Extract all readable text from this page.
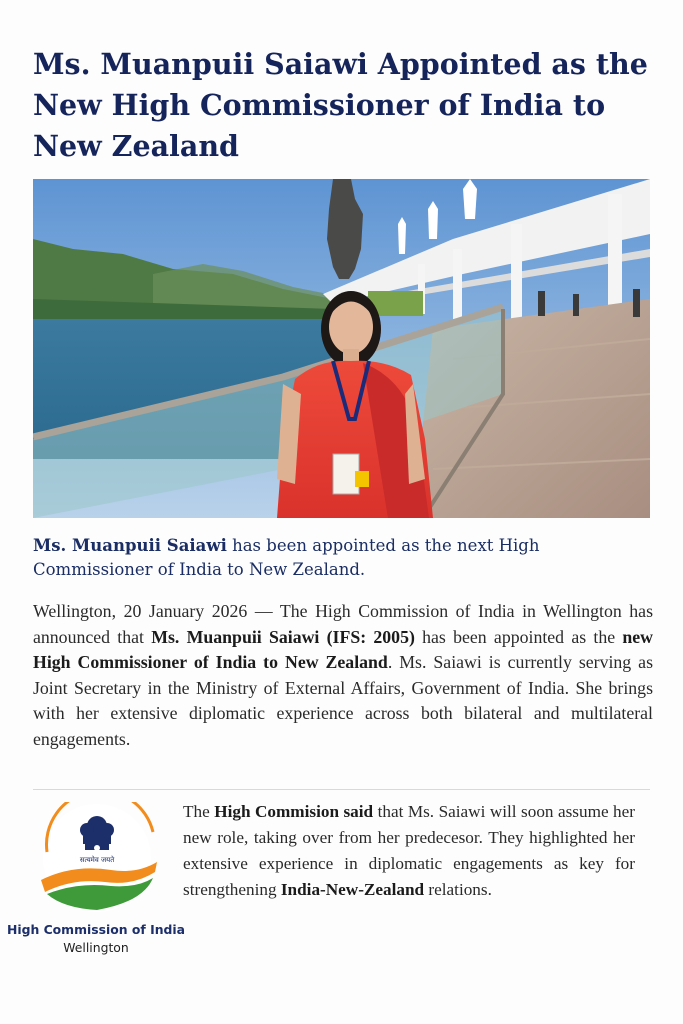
Ms. Muanpuii Saiawi Appointed as the New High Commissioner of India to New Zealand

Ms. Muanpuii Saiawi has been appointed as the next High Commissioner of India to New Zealand.

Wellington, 20 January 2026 — The High Commission of India in Wellington has announced that Ms. Muanpuii Saiawi (IFS: 2005) has been appointed as the new High Commissioner of India to New Zealand. Ms. Saiawi is currently serving as Joint Secretary in the Ministry of External Affairs, Government of India. She brings with her extensive diplomatic experience across both bilateral and multilateral engagements.

सत्यमेव जयते
High Commission of India
Wellington

The High Commision said that Ms. Saiawi will soon assume her new role, taking over from her predecesor. They highlighted her extensive experience in diplomatic engagements as key for strengthening India-New-Zealand relations.
